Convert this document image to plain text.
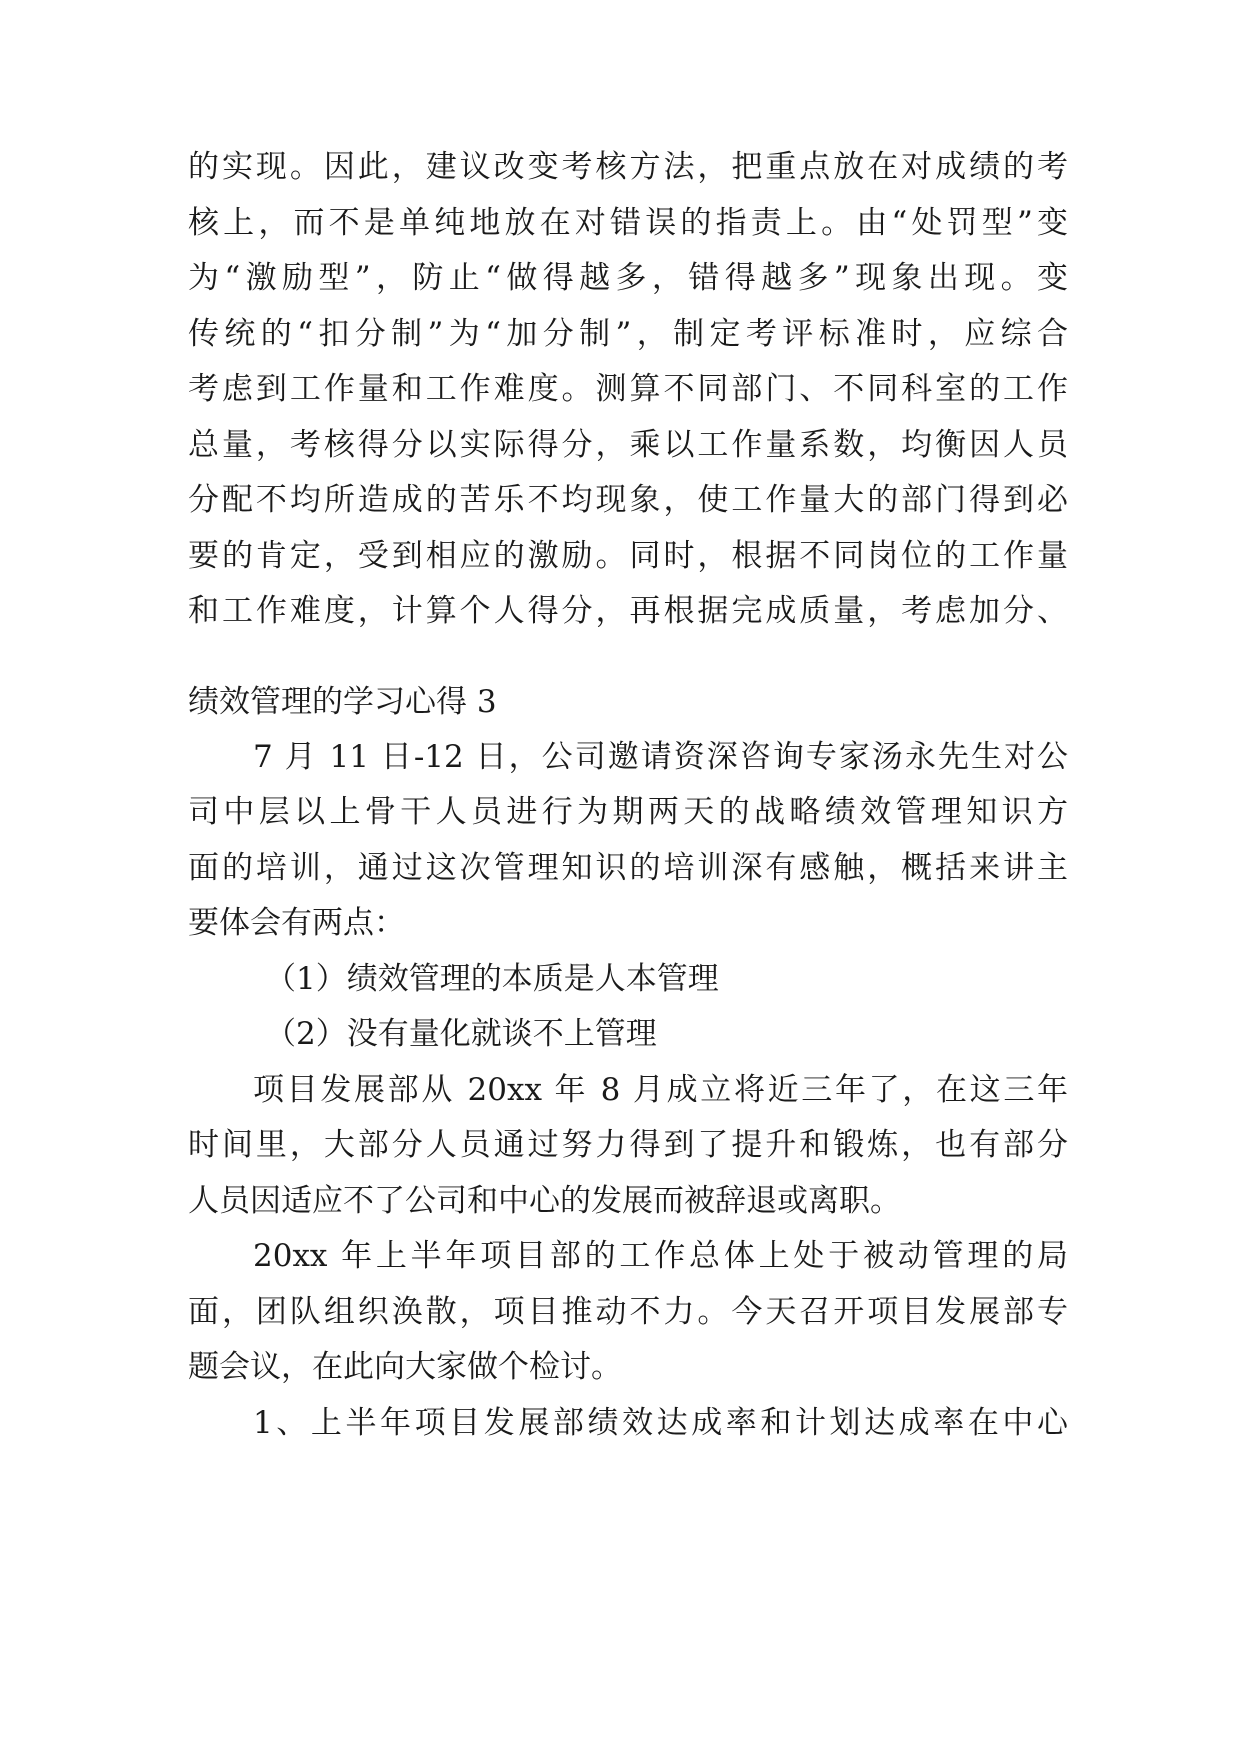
的实现。因此，建议改变考核方法，把重点放在对成绩的考
核上，而不是单纯地放在对错误的指责上。由“处罚型”变
为“激励型”，防止“做得越多，错得越多”现象出现。变
传统的“扣分制”为“加分制”，制定考评标准时，应综合
考虑到工作量和工作难度。测算不同部门、不同科室的工作
总量，考核得分以实际得分，乘以工作量系数，均衡因人员
分配不均所造成的苦乐不均现象，使工作量大的部门得到必
要的肯定，受到相应的激励。同时，根据不同岗位的工作量
和工作难度，计算个人得分，再根据完成质量，考虑加分、
绩效管理的学习心得 3
7 月 11 日-12 日，公司邀请资深咨询专家汤永先生对公
司中层以上骨干人员进行为期两天的战略绩效管理知识方
面的培训，通过这次管理知识的培训深有感触，概括来讲主
要体会有两点：
（1）绩效管理的本质是人本管理
（2）没有量化就谈不上管理
项目发展部从 20xx 年 8 月成立将近三年了，在这三年
时间里，大部分人员通过努力得到了提升和锻炼，也有部分
人员因适应不了公司和中心的发展而被辞退或离职。
20xx 年上半年项目部的工作总体上处于被动管理的局
面，团队组织涣散，项目推动不力。今天召开项目发展部专
题会议，在此向大家做个检讨。
1、上半年项目发展部绩效达成率和计划达成率在中心
